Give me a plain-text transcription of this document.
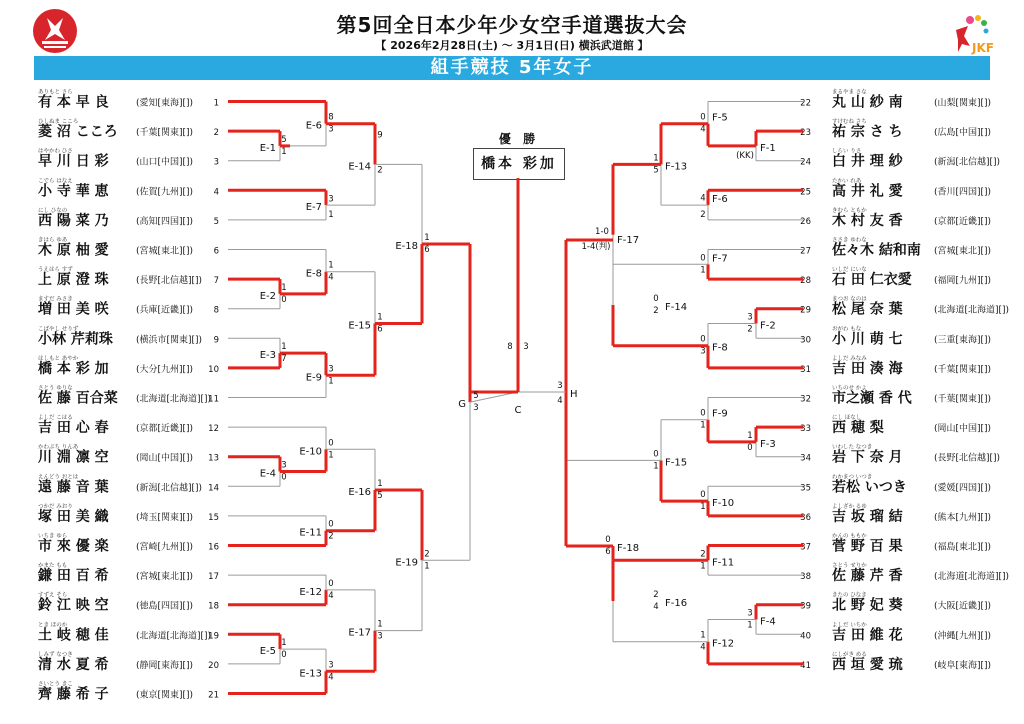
第5回全日本少年少女空手道選抜大会
【 2026年2月28日(土) ～ 3月1日(日) 横浜武道館 】	JKF
組手競技 5年女子
優 勝
橋本 彩加
ありもと さら
有 本 早 良	(愛知[東海][]) 1
ひしぬま こころ
菱 沼 こころ (千葉[関東][]) 2
はやかわ ひさ
早 川 日 彩	(山口[中国][]) 3
こでら はなえ
小 寺 華 恵	(佐賀[九州][]) 4
にし ひなの
西 陽 菜 乃	(高知[四国][]) 5
きはら ゆあ
木 原 柚 愛	(宮城[東北][]) 6
うえはら すず
上 原 澄 珠	(長野[北信越][]) 7
ますだ みさき
増 田 美 咲	(兵庫[近畿][]) 8
こばやし せりず
小林 芹莉珠	(横浜市[関東][]) 9
はしもと あやか
橋 本 彩 加	(大分[九州][]) 10
さとう ゆりな
佐 藤 百合菜 (北海道[北海道][])
11
よしだ こはる
吉 田 心 春	(京都[近畿][]) 12
かわぶち りんあ
川 淵 凛 空	(岡山[中国][]) 13
えんどう おとは
遠 藤 音 葉	(新潟[北信越][]) 14
つかだ みおり
塚 田 美 織	(埼玉[関東][]) 15
いちき ゆら
市 來 優 楽	(宮崎[九州][]) 16
かまた もも
鎌 田 百 希	(宮城[東北][]) 17
すずえ そら
鈴 江 映 空	(徳島[四国][]) 18
とき ほのか
土 岐 穂 佳	(北海道[北海道][])
19
しみず なつき
清 水 夏 希	(静岡[東海][]) 20
さいとう きこ
齊 藤 希 子	(東京[関東][]) 21
22
まるやま さな
丸 山 紗 南	(山梨[関東][])
23
すけむね さち
祐 宗 さ ち	(広島[中国][])
24
しらい りさ
白 井 理 紗	(新潟[北信越][])
25
たかい れあ
高 井 礼 愛	(香川[四国][])
26
きむら ともか
木 村 友 香	(京都[近畿][])
27
ささき ゆわな
佐々木 結和南 (宮城[東北][])
28
いしだ にいな
石 田 仁衣愛 (福岡[九州][])
29
まつお なのは
松 尾 奈 葉	(北海道[北海道][])
30
おがわ もな
小 川 萌 七	(三重[東海][])
31
よしだ みなみ
吉 田 湊 海	(千葉[関東][])
32
いちのせ かよ
市之瀬 香 代 (千葉[関東][])
33
にし ほなし
西 穂 梨	(岡山[中国][])
34
いわした なつき
岩 下 奈 月	(長野[北信越][])
35
わかまつ いつき
若松 いつき	(愛媛[四国][])
36
よしざか るゆ
吉 坂 瑠 結	(熊本[九州][])
37
かんの ももか
菅 野 百 果	(福島[東北][])
38
さとう せりか
佐 藤 芹 香	(北海道[北海道][])
39
きたの ひなき
北 野 妃 葵	(大阪[近畿][])
40
よしだ いちか
吉 田 維 花	(沖縄[九州][])
41
にしがき める
西 垣 愛 琉	(岐阜[東海][])
E-1
5
1
E-6
8
3
E-7
3
1
E-14
9
2
E-2
1
0
E-8
1
4
E-3
1
7
E-9
3
1
E-15
1
6
E-18
1
6
E-4
3
0
E-10
0
1
E-11
0
2
E-16
1
5
E-5
1
0
E-12
0
4
E-13
3
4
E-17
1
3
E-19
2
1
G
5
3
F-5
0
4
F-1
(KK)
F-6
4
2
F-13
1
5
F-7
0
1
F-2
3
2
F-8
0
3
F-14
0
2
F-17
1-0
1-4(判)
F-9
0
1
F-3
1
0
F-10
0
1
F-15
0
1
F-11
2
1
F-4
3
1
F-12
1
4
F-16
2
4
F-18
0
6
H
3
4
C
8 3
